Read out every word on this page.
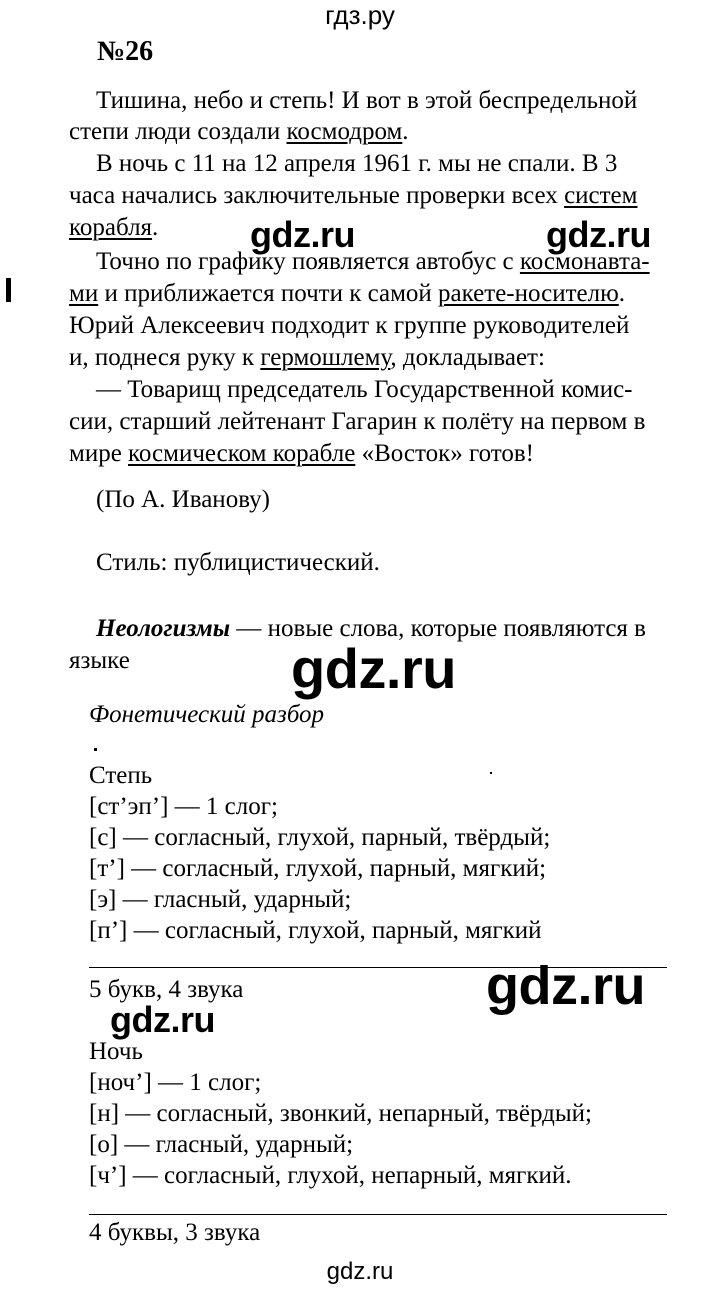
гдз.ру
№26
Тишина, небо и степь! И вот в этой беспредельной
степи люди создали космодром.
В ночь с 11 на 12 апреля 1961 г. мы не спали. В 3
часа начались заключительные проверки всех систем
корабля.
Точно по графику появляется автобус с космонавта-
ми и приближается почти к самой ракете-носителю.
Юрий Алексеевич подходит к группе руководителей
и, поднеся руку к гермошлему, докладывает:
— Товарищ председатель Государственной комис-
сии, старший лейтенант Гагарин к полёту на первом в
мире космическом корабле «Восток» готов!
(По А. Иванову)
Стиль: публицистический.
Неологизмы — новые слова, которые появляются в
языке
Фонетический разбор
Степь
[ст’эп’] — 1 слог;
[с] — согласный, глухой, парный, твёрдый;
[т’] — согласный, глухой, парный, мягкий;
[э] — гласный, ударный;
[п’] — согласный, глухой, парный, мягкий
5 букв, 4 звука
Ночь
[ноч’] — 1 слог;
[н] — согласный, звонкий, непарный, твёрдый;
[о] — гласный, ударный;
[ч’] — согласный, глухой, непарный, мягкий.
4 буквы, 3 звука
gdz.ru	gdz.ru
gdz.ru
gdz.ru
gdz.ru
gdz.ru
